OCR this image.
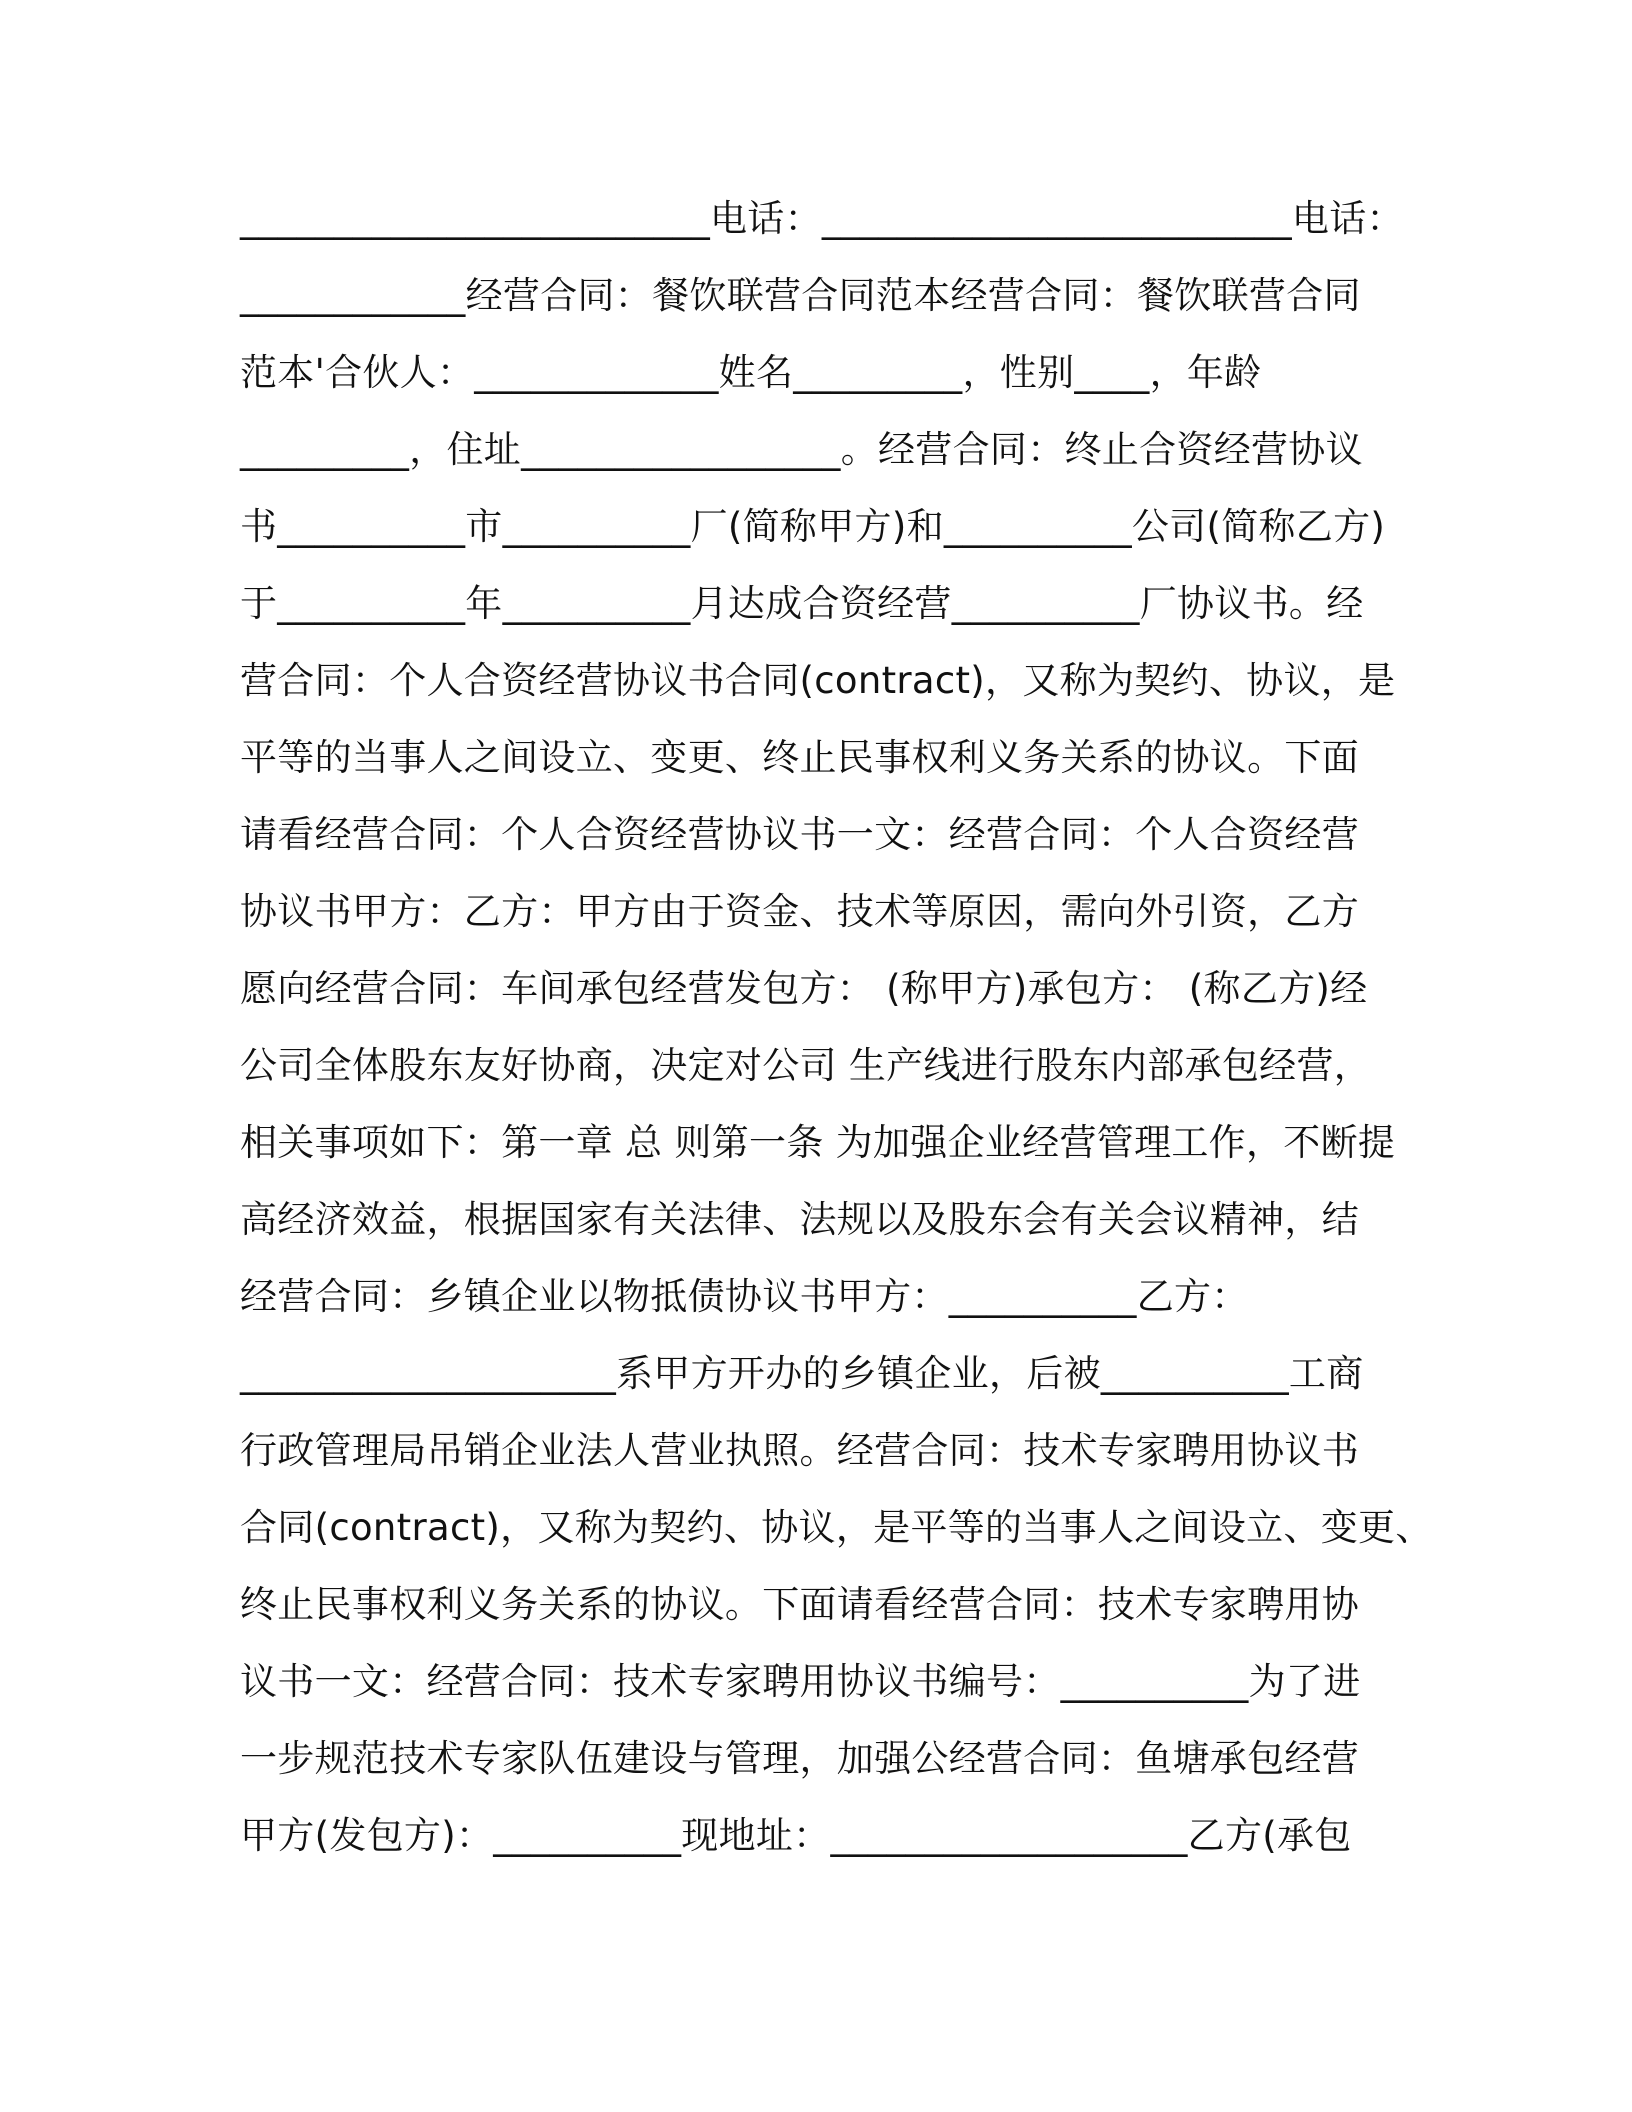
_________________________电话：_________________________电话：
____________经营合同：餐饮联营合同范本经营合同：餐饮联营合同
范本'合伙人：_____________姓名_________，性别____，年龄
_________，住址_________________。经营合同：终止合资经营协议
书__________市__________厂(简称甲方)和__________公司(简称乙方)
于__________年__________月达成合资经营__________厂协议书。经
营合同：个人合资经营协议书合同(contract)，又称为契约、协议，是
平等的当事人之间设立、变更、终止民事权利义务关系的协议。下面
请看经营合同：个人合资经营协议书一文：经营合同：个人合资经营
协议书甲方：乙方：甲方由于资金、技术等原因，需向外引资，乙方
愿向经营合同：车间承包经营发包方： (称甲方)承包方： (称乙方)经
公司全体股东友好协商，决定对公司 生产线进行股东内部承包经营，
相关事项如下：第一章 总 则第一条 为加强企业经营管理工作，不断提
高经济效益，根据国家有关法律、法规以及股东会有关会议精神，结
经营合同：乡镇企业以物抵债协议书甲方：__________乙方：
____________________系甲方开办的乡镇企业，后被__________工商
行政管理局吊销企业法人营业执照。经营合同：技术专家聘用协议书
合同(contract)，又称为契约、协议，是平等的当事人之间设立、变更、
终止民事权利义务关系的协议。下面请看经营合同：技术专家聘用协
议书一文：经营合同：技术专家聘用协议书编号：__________为了进
一步规范技术专家队伍建设与管理，加强公经营合同：鱼塘承包经营
甲方(发包方)：__________现地址：___________________乙方(承包
